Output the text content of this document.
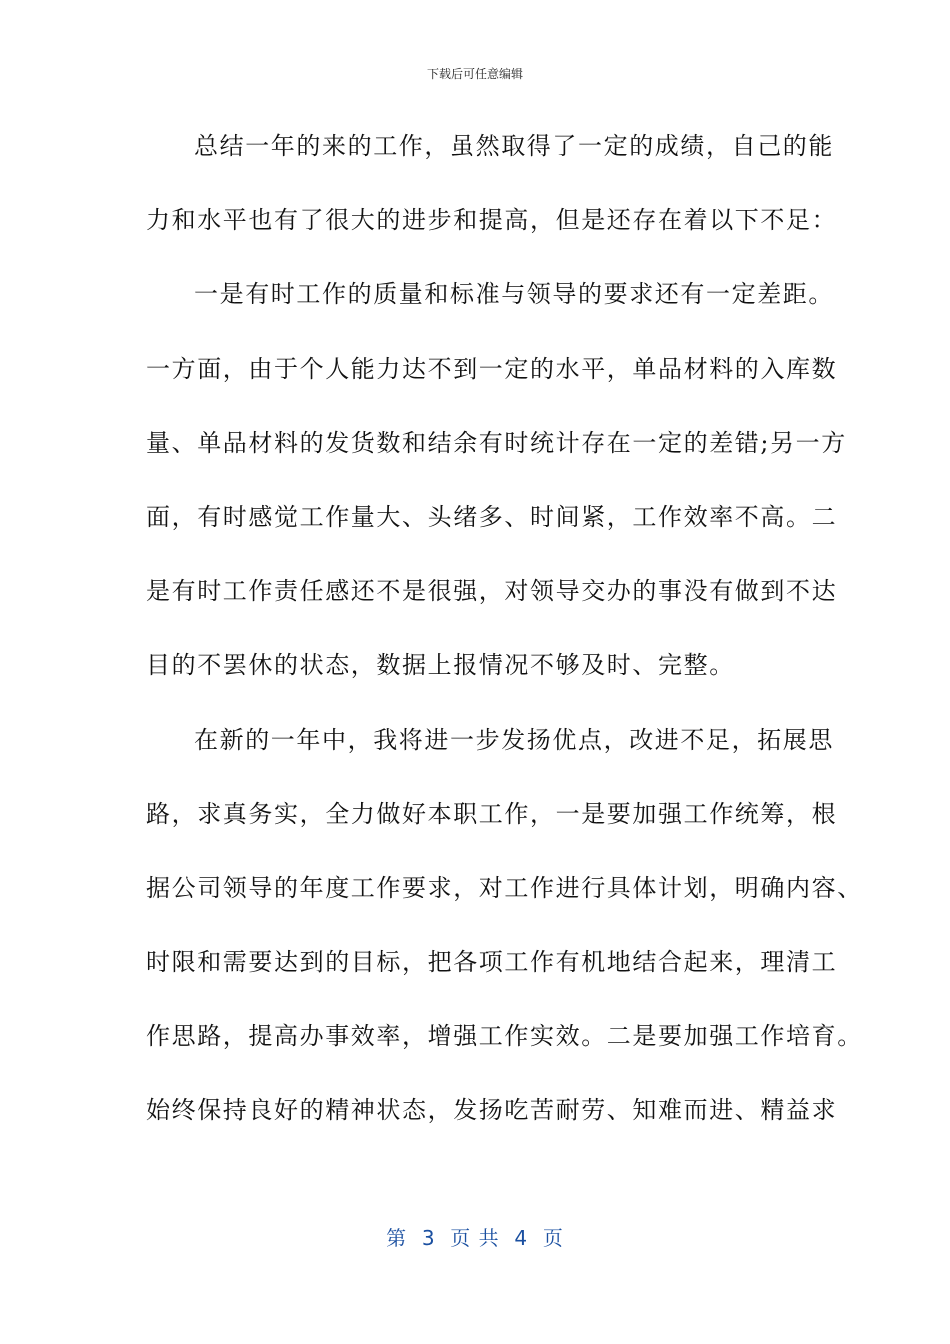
下载后可任意编辑
总结一年的来的工作，虽然取得了一定的成绩，自己的能
力和水平也有了很大的进步和提高，但是还存在着以下不足：
一是有时工作的质量和标准与领导的要求还有一定差距。
一方面，由于个人能力达不到一定的水平，单品材料的入库数
量、单品材料的发货数和结余有时统计存在一定的差错;另一方
面，有时感觉工作量大、头绪多、时间紧，工作效率不高。二
是有时工作责任感还不是很强，对领导交办的事没有做到不达
目的不罢休的状态，数据上报情况不够及时、完整。
在新的一年中，我将进一步发扬优点，改进不足，拓展思
路，求真务实，全力做好本职工作，一是要加强工作统筹，根
据公司领导的年度工作要求，对工作进行具体计划，明确内容、
时限和需要达到的目标，把各项工作有机地结合起来，理清工
作思路，提高办事效率，增强工作实效。二是要加强工作培育。
始终保持良好的精神状态，发扬吃苦耐劳、知难而进、精益求
第  3  页 共  4  页
